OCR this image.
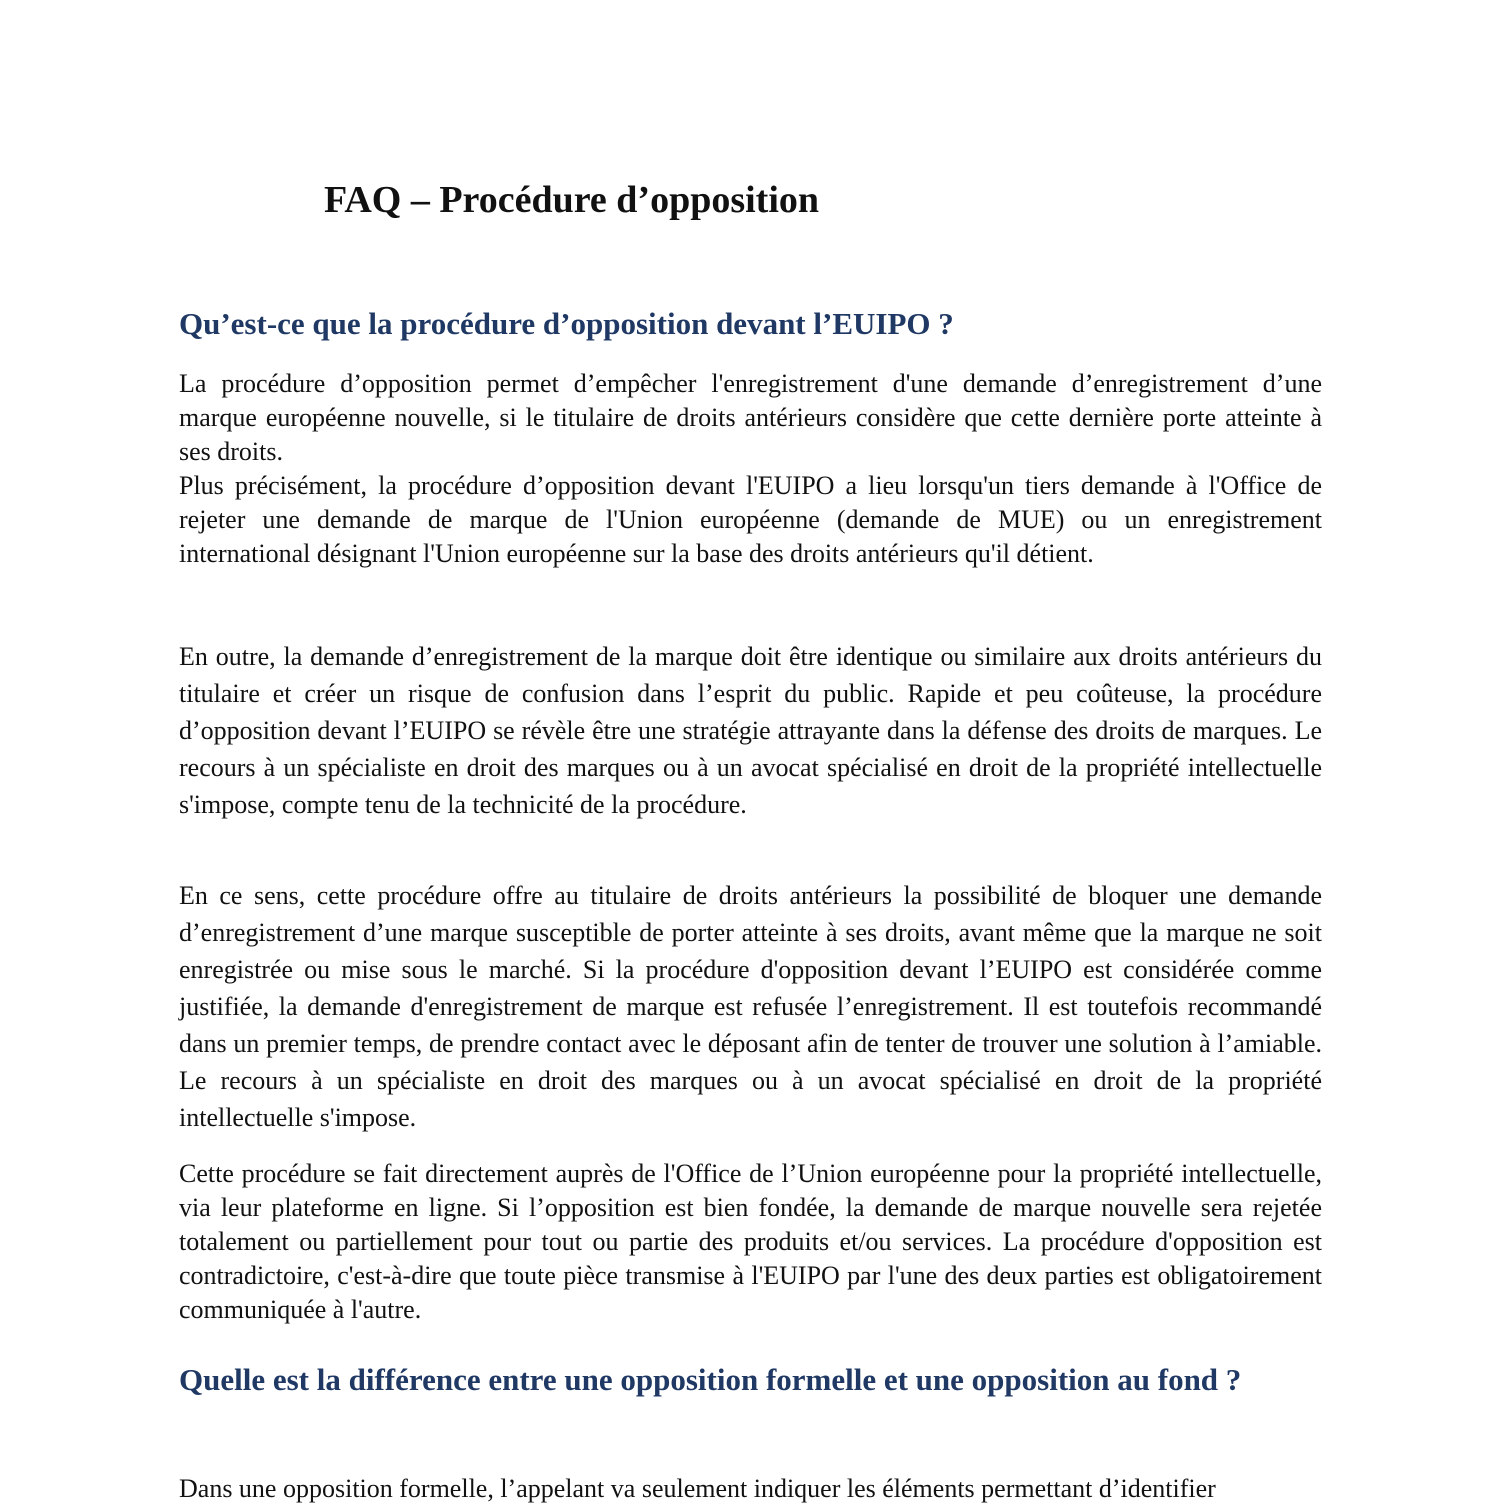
FAQ – Procédure d’opposition
Qu’est-ce que la procédure d’opposition devant l’EUIPO ?

La procédure d’opposition permet d’empêcher l'enregistrement d'une demande d’enregistrement d’une marque européenne nouvelle, si le titulaire de droits antérieurs considère que cette dernière porte atteinte à ses droits.

Plus précisément, la procédure d’opposition devant l'EUIPO a lieu lorsqu'un tiers demande à l'Office de rejeter une demande de marque de l'Union européenne (demande de MUE) ou un enregistrement international désignant l'Union européenne sur la base des droits antérieurs qu'il détient.

En outre, la demande d’enregistrement de la marque doit être identique ou similaire aux droits antérieurs du titulaire et créer un risque de confusion dans l’esprit du public. Rapide et peu coûteuse, la procédure d’opposition devant l’EUIPO se révèle être une stratégie attrayante dans la défense des droits de marques. Le recours à un spécialiste en droit des marques ou à un avocat spécialisé en droit de la propriété intellectuelle s'impose, compte tenu de la technicité de la procédure.

En ce sens, cette procédure offre au titulaire de droits antérieurs la possibilité de bloquer une demande d’enregistrement d’une marque susceptible de porter atteinte à ses droits, avant même que la marque ne soit enregistrée ou mise sous le marché. Si la procédure d'opposition devant l’EUIPO est considérée comme justifiée, la demande d'enregistrement de marque est refusée l’enregistrement. Il est toutefois recommandé dans un premier temps, de prendre contact avec le déposant afin de tenter de trouver une solution à l’amiable. Le recours à un spécialiste en droit des marques ou à un avocat spécialisé en droit de la propriété intellectuelle s'impose.

Cette procédure se fait directement auprès de l'Office de l’Union européenne pour la propriété intellectuelle, via leur plateforme en ligne. Si l’opposition est bien fondée, la demande de marque nouvelle sera rejetée totalement ou partiellement pour tout ou partie des produits et/ou services. La procédure d'opposition est contradictoire, c'est-à-dire que toute pièce transmise à l'EUIPO par l'une des deux parties est obligatoirement communiquée à l'autre.

Quelle est la différence entre une opposition formelle et une opposition au fond ?

Dans une opposition formelle, l’appelant va seulement indiquer les éléments permettant d’identifier
